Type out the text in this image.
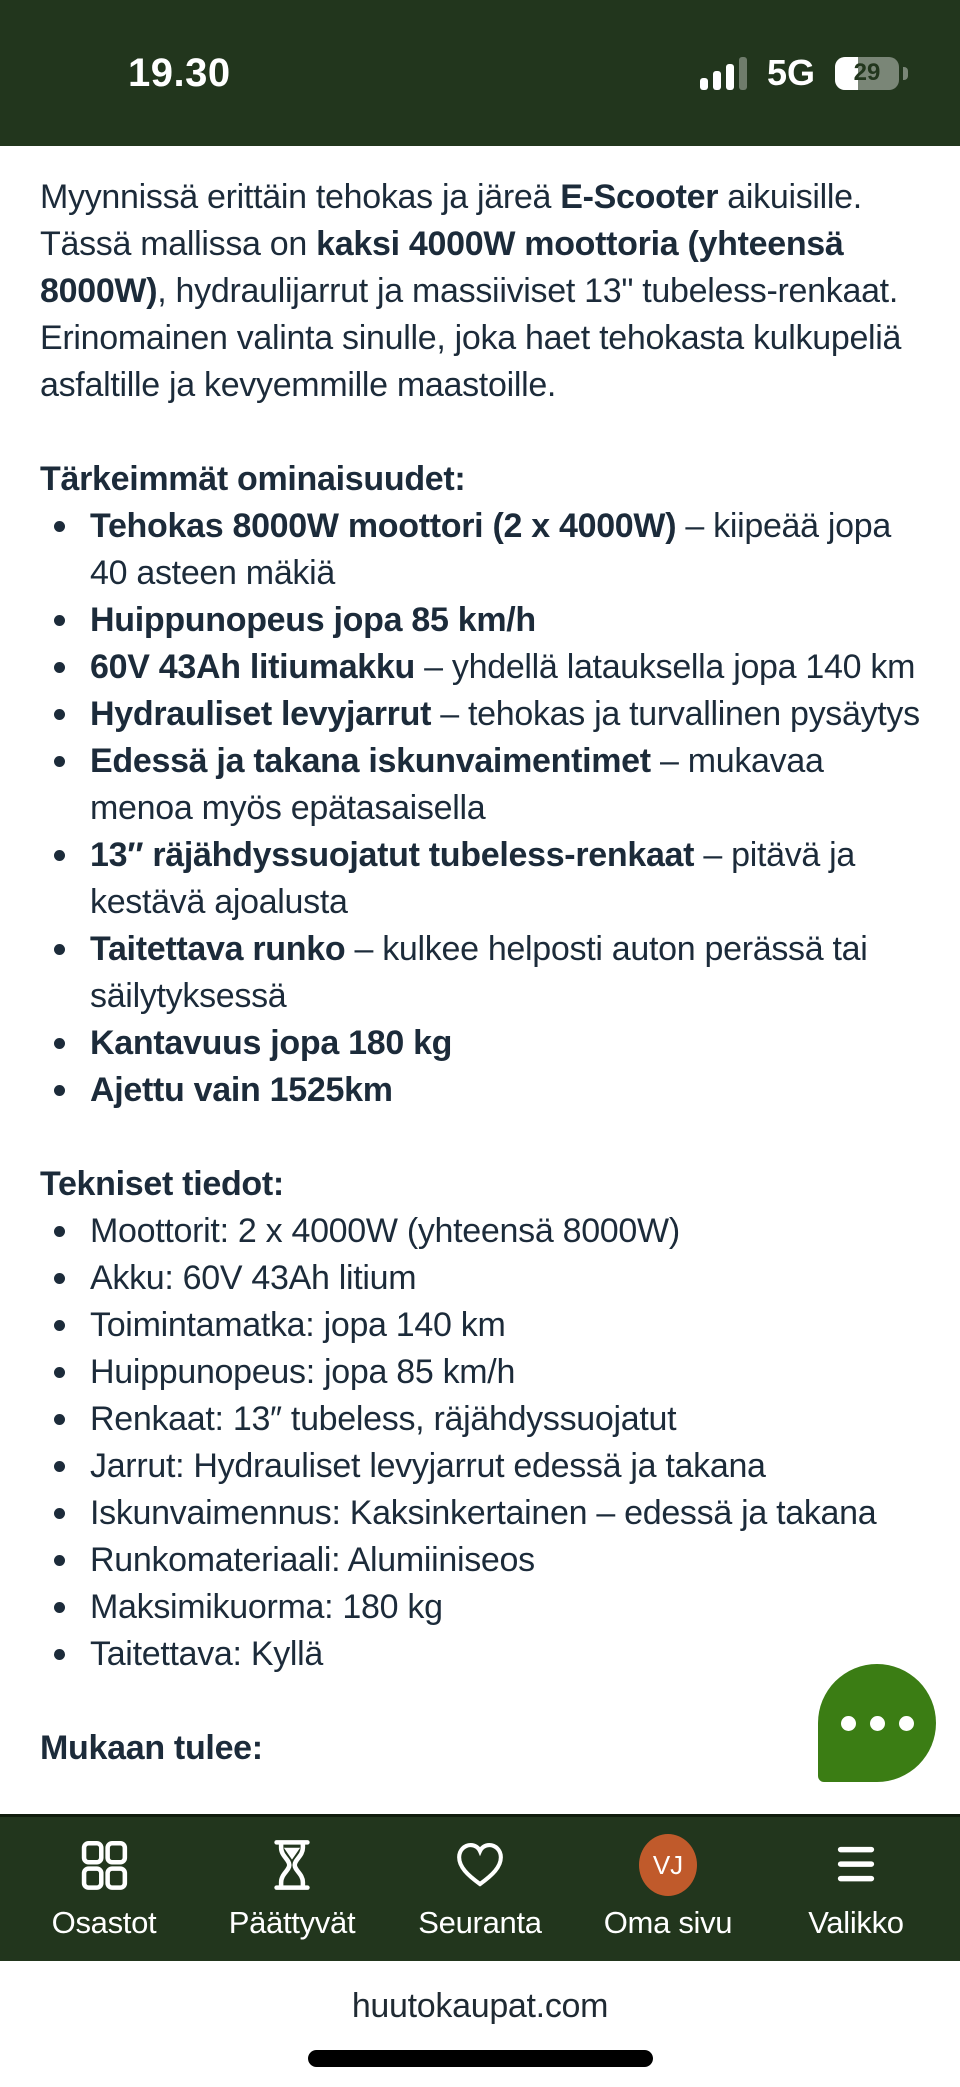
19.30	5G	29

Myynnissä erittäin tehokas ja järeä E-Scooter aikuisille. Tässä mallissa on kaksi 4000W moottoria (yhteensä 8000W), hydraulijarrut ja massiiviset 13" tubeless-renkaat. Erinomainen valinta sinulle, joka haet tehokasta kulkupeliä asfaltille ja kevyemmille maastoille.

Tärkeimmät ominaisuudet:
Tehokas 8000W moottori (2 x 4000W) – kiipeää jopa 40 asteen mäkiä
Huippunopeus jopa 85 km/h
60V 43Ah litiumakku – yhdellä latauksella jopa 140 km
Hydrauliset levyjarrut – tehokas ja turvallinen pysäytys
Edessä ja takana iskunvaimentimet – mukavaa menoa myös epätasaisella
13″ räjähdyssuojatut tubeless-renkaat – pitävä ja kestävä ajoalusta
Taitettava runko – kulkee helposti auton perässä tai säilytyksessä
Kantavuus jopa 180 kg
Ajettu vain 1525km
Tekniset tiedot:
Moottorit: 2 x 4000W (yhteensä 8000W)
Akku: 60V 43Ah litium
Toimintamatka: jopa 140 km
Huippunopeus: jopa 85 km/h
Renkaat: 13″ tubeless, räjähdyssuojatut
Jarrut: Hydrauliset levyjarrut edessä ja takana
Iskunvaimennus: Kaksinkertainen – edessä ja takana
Runkomateriaali: Alumiiniseos
Maksimikuorma: 180 kg
Taitettava: Kyllä
Mukaan tulee:
Osastot Päättyvät Seuranta
VJ
Oma sivu Valikko
huutokaupat.com
